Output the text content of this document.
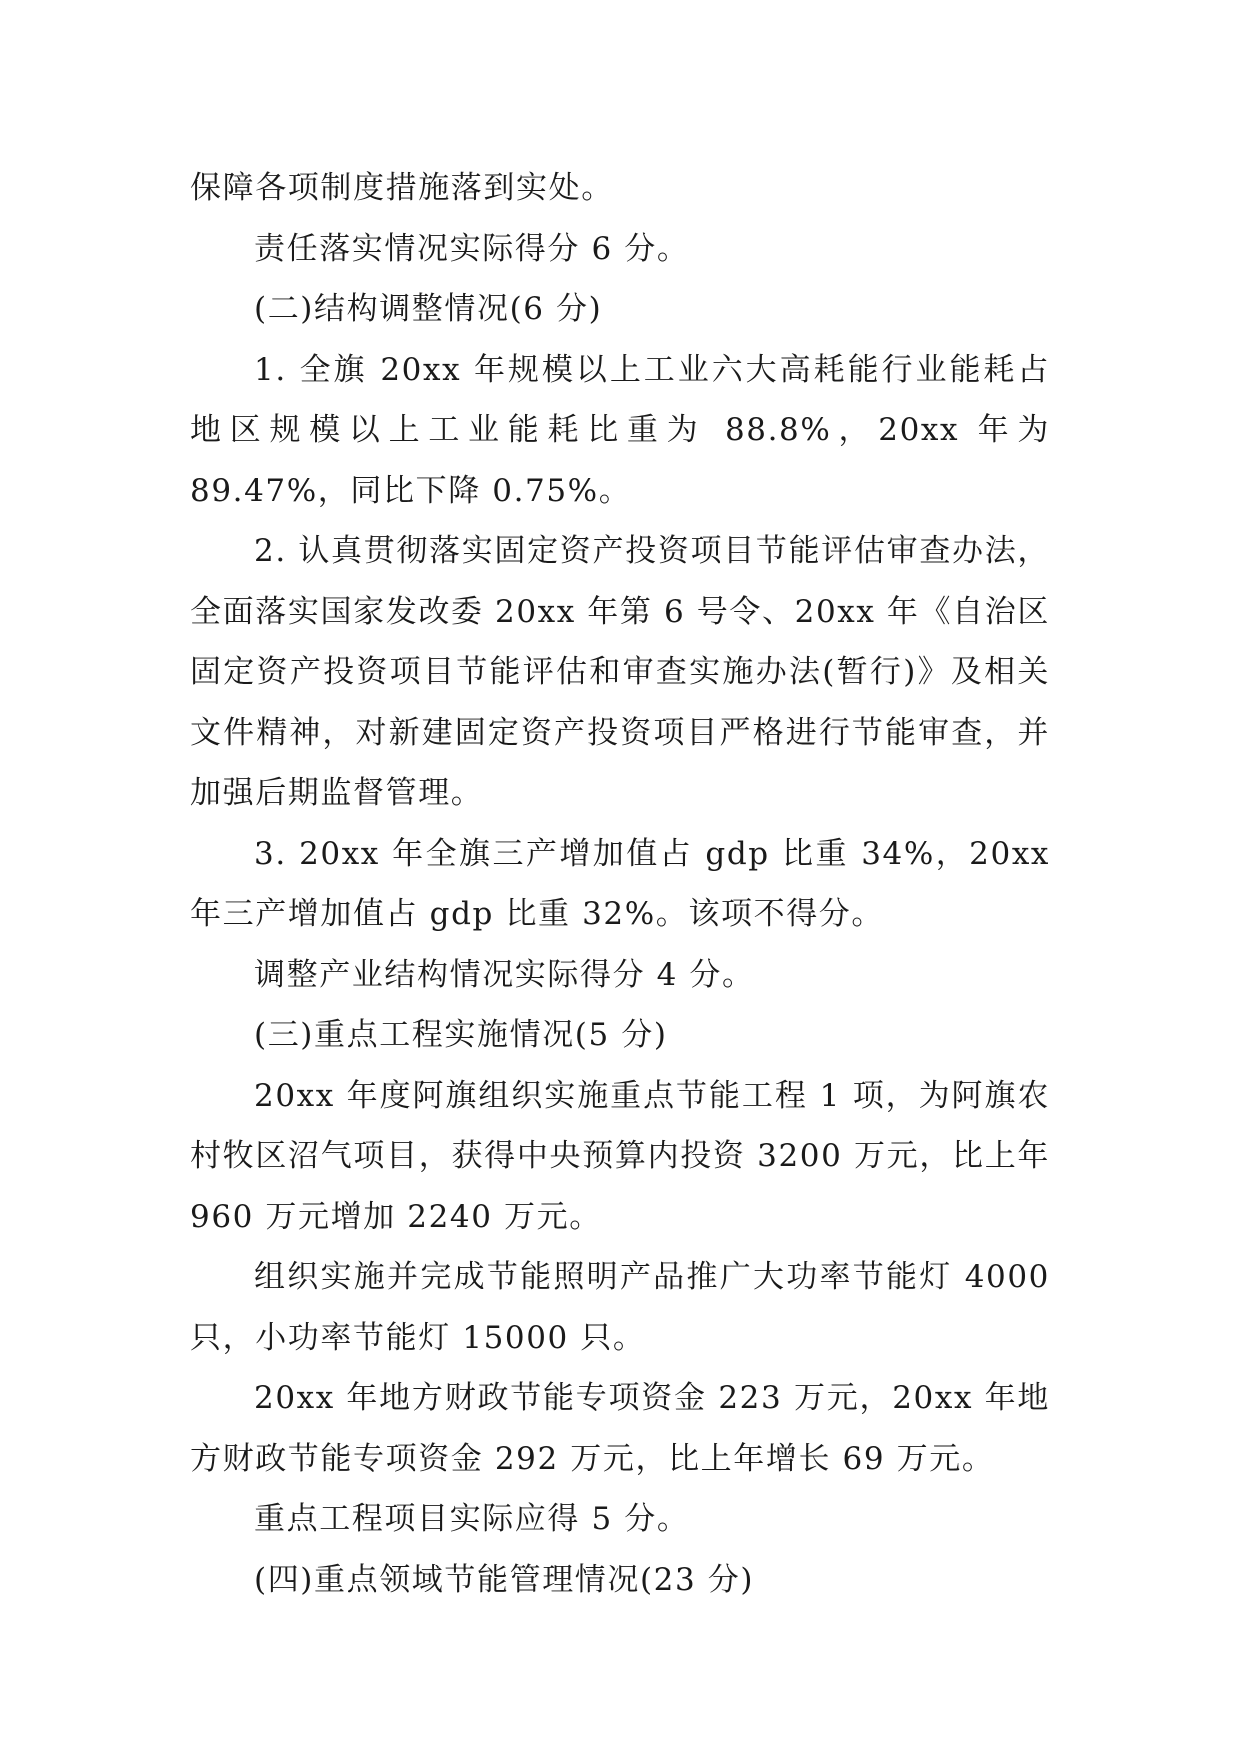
保障各项制度措施落到实处。

责任落实情况实际得分 6 分。

(二)结构调整情况(6 分)

1. 全旗 20xx 年规模以上工业六大高耗能行业能耗占地区规模以上工业能耗比重为 88.8%，20xx 年为 89.47%，同比下降 0.75%。

2. 认真贯彻落实固定资产投资项目节能评估审查办法，全面落实国家发改委 20xx 年第 6 号令、20xx 年《自治区固定资产投资项目节能评估和审查实施办法(暂行)》及相关文件精神，对新建固定资产投资项目严格进行节能审查，并加强后期监督管理。

3. 20xx 年全旗三产增加值占 gdp 比重 34%，20xx 年三产增加值占 gdp 比重 32%。该项不得分。

调整产业结构情况实际得分 4 分。

(三)重点工程实施情况(5 分)

20xx 年度阿旗组织实施重点节能工程 1 项，为阿旗农村牧区沼气项目，获得中央预算内投资 3200 万元，比上年 960 万元增加 2240 万元。

组织实施并完成节能照明产品推广大功率节能灯 4000 只，小功率节能灯 15000 只。

20xx 年地方财政节能专项资金 223 万元，20xx 年地方财政节能专项资金 292 万元，比上年增长 69 万元。

重点工程项目实际应得 5 分。

(四)重点领域节能管理情况(23 分)
